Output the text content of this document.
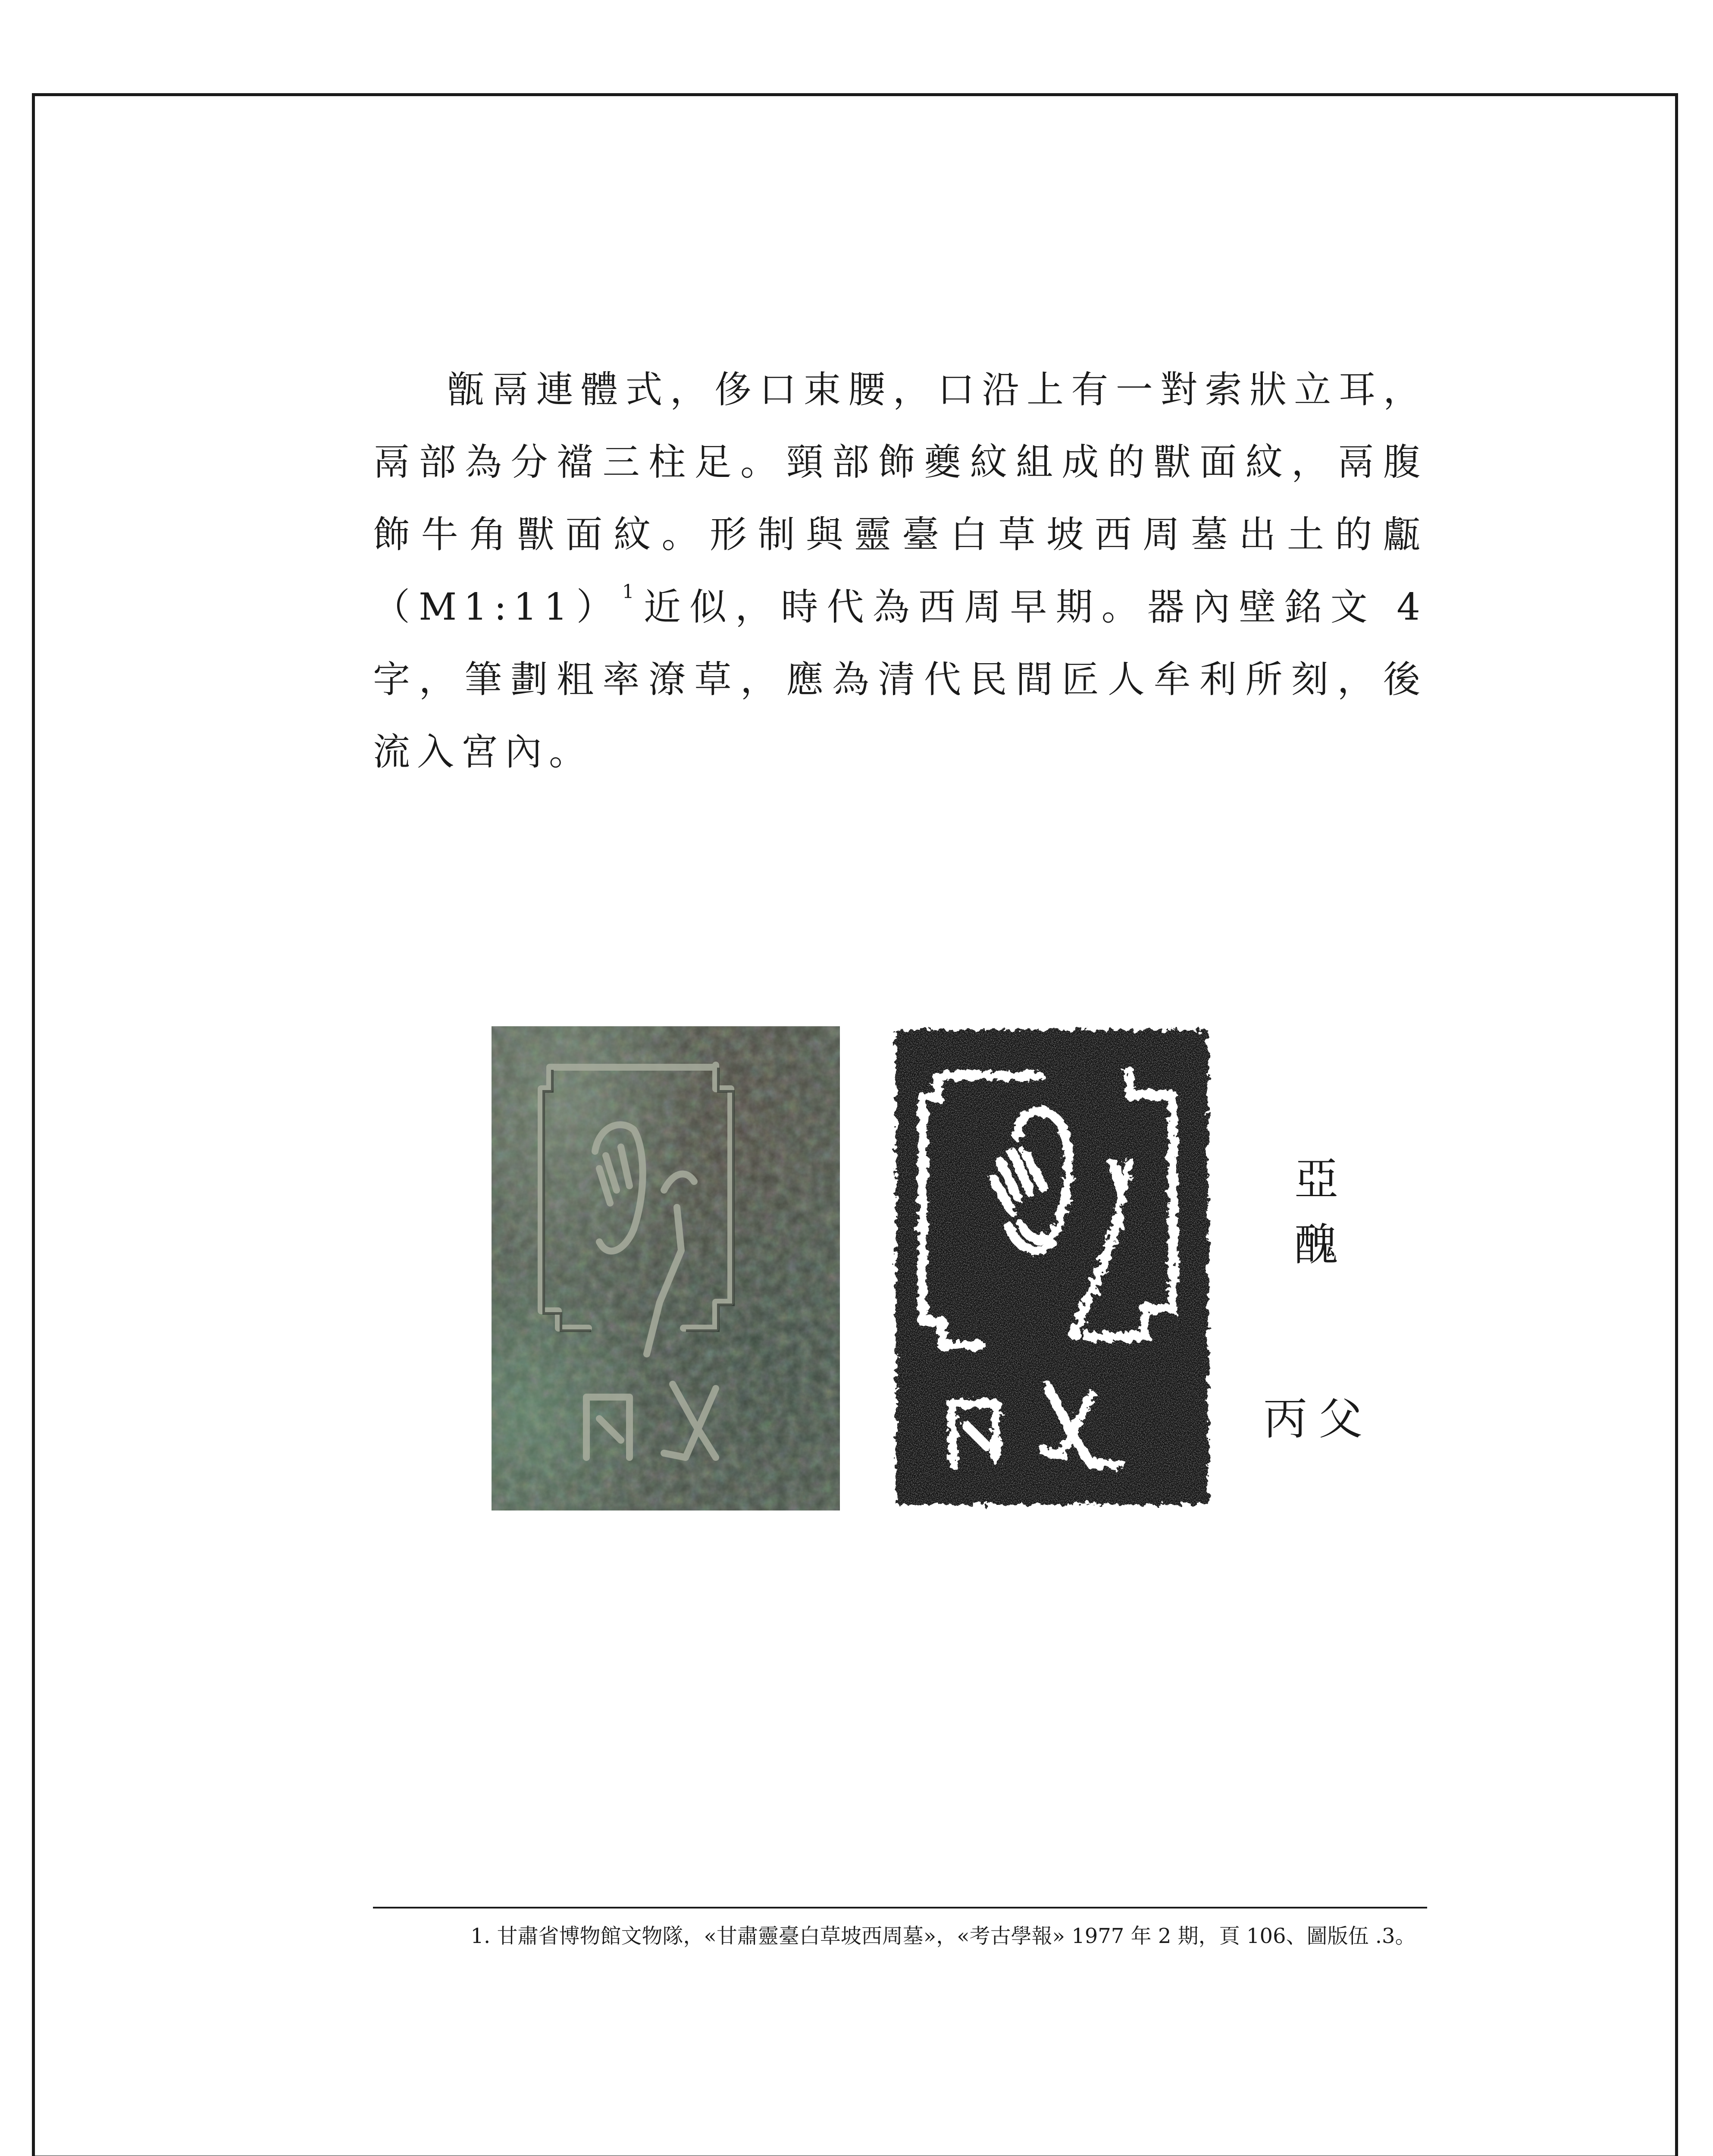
甑鬲連體式，侈口束腰，口沿上有一對索狀立耳，鬲部為分襠三柱足。頸部飾夔紋組成的獸面紋，鬲腹飾牛角獸面紋。形制與靈臺白草坡西周墓出土的甗（M1:11）$^1$ 近似，時代為西周早期。器內壁銘文 4 字，筆劃粗率潦草，應為清代民間匠人牟利所刻，後流入宮內。

亞
醜

丙父

1. 甘肅省博物館文物隊，«甘肅靈臺白草坡西周墓»，«考古學報» 1977 年 2 期，頁 106、圖版伍 .3。
